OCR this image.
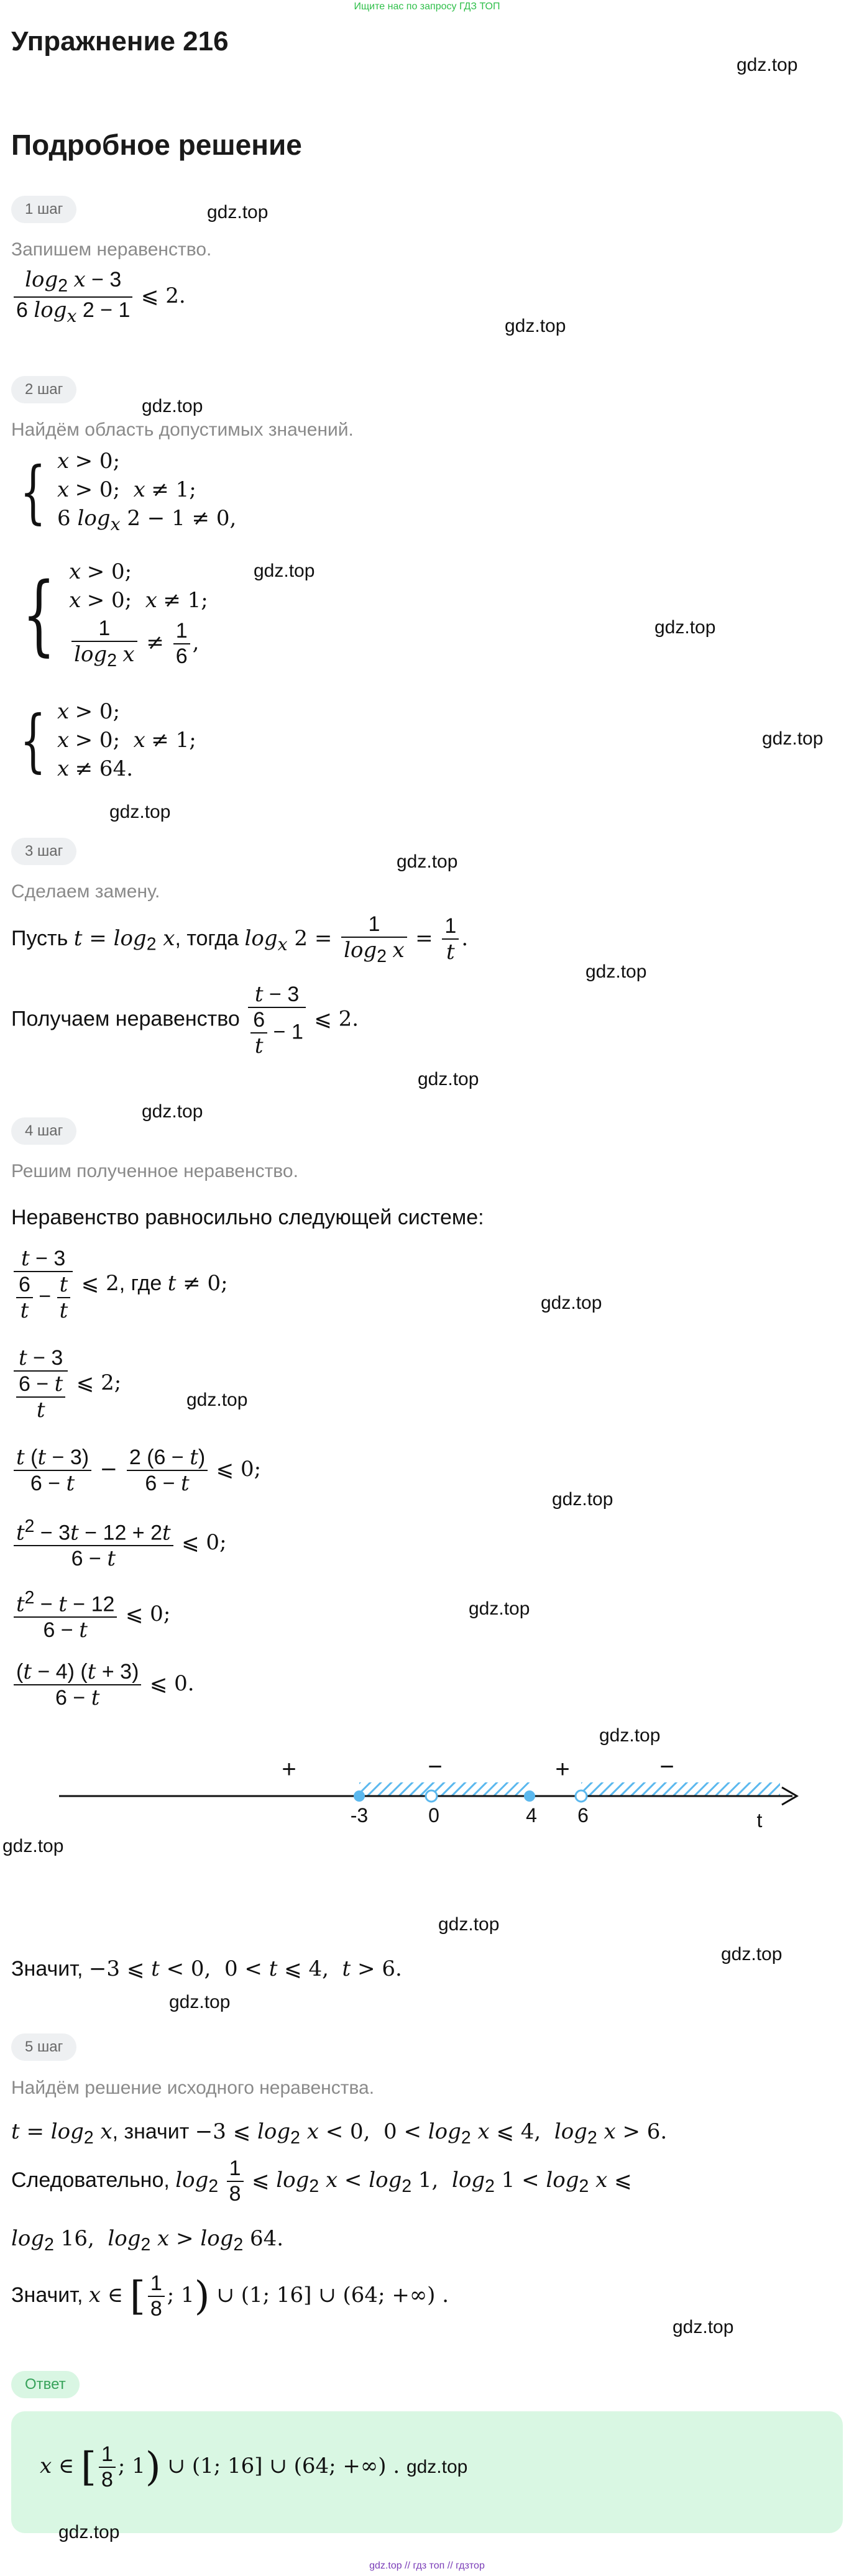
Ищите нас по запросу ГДЗ ТОП
Упражнение 216
gdz.top
Подробное решение
1 шаг	gdz.top
Запишем неравенство.
$\frac{\log_2 x - 3}{6 \log_x 2 - 1}$ ⩽ 2.
gdz.top
2 шаг
gdz.top
Найдём область допустимых значений.
{ x > 0;
x > 0;  x ≠ 1;
6 $\log_x 2 - 1 \ne 0$,
gdz.top
{ x > 0;
x > 0;  x ≠ 1;
$\frac{1}{\log_2 x} \ne \frac{1}{6}$ ,
gdz.top
{ x > 0;
x > 0;  x ≠ 1;
x ≠ 64.
gdz.top
gdz.top
3 шаг
gdz.top
Сделаем замену.
Пусть $t = \log_2 x$, тогда $\log_x 2 = \frac{1}{\log_2 x} = \frac{1}{t}$ .
gdz.top
Получаем неравенство $\frac{t - 3}{\frac{6}{t} - 1}$ ⩽ 2.
gdz.top
gdz.top
4 шаг
Решим полученное неравенство.
Неравенство равносильно следующей системе:
$\frac{t - 3}{\frac{6}{t} - \frac{t}{t}}$ ⩽ 2, где t ≠ 0;
gdz.top
$\frac{t - 3}{\frac{6 - t}{t}}$ ⩽ 2;
gdz.top
$\frac{t (t - 3)}{6 - t} - \frac{2 (6 - t)}{6 - t}$ ⩽ 0;
gdz.top
$\frac{t^2 - 3t - 12 + 2t}{6 - t}$ ⩽ 0;
$\frac{t^2 - t - 12}{6 - t}$ ⩽ 0;	gdz.top
$\frac{(t - 4) (t + 3)}{6 - t}$ ⩽ 0.
gdz.top
-3	0	4 6	t
+	−	+	−
gdz.top
gdz.top
gdz.top
Значит, −3 ⩽ t < 0,  0 < t ⩽ 4,  t > 6.
gdz.top
5 шаг
Найдём решение исходного неравенства.
$t = \log_2 x$, значит −3 ⩽ $\log_2 x < 0$,  $0 < \log_2 x$ ⩽ 4,  $\log_2 x > 6$.
Следовательно, $\log_2 \frac{1}{8}$ ⩽ $\log_2 x < \log_2 1$,  $\log_2 1 < \log_2 x$ ⩽
$\log_2 16$,  $\log_2 x > \log_2 64$.
Значит, x ∈ [ $\frac{1}{8}$ ; 1) ∪ (1; 16] ∪ (64; +∞) .
gdz.top
Ответ
x ∈ [ $\frac{1}{8}$ ; 1) ∪ (1; 16] ∪ (64; +∞) . gdz.top
gdz.top
gdz.top // гдз топ // гдзтор
